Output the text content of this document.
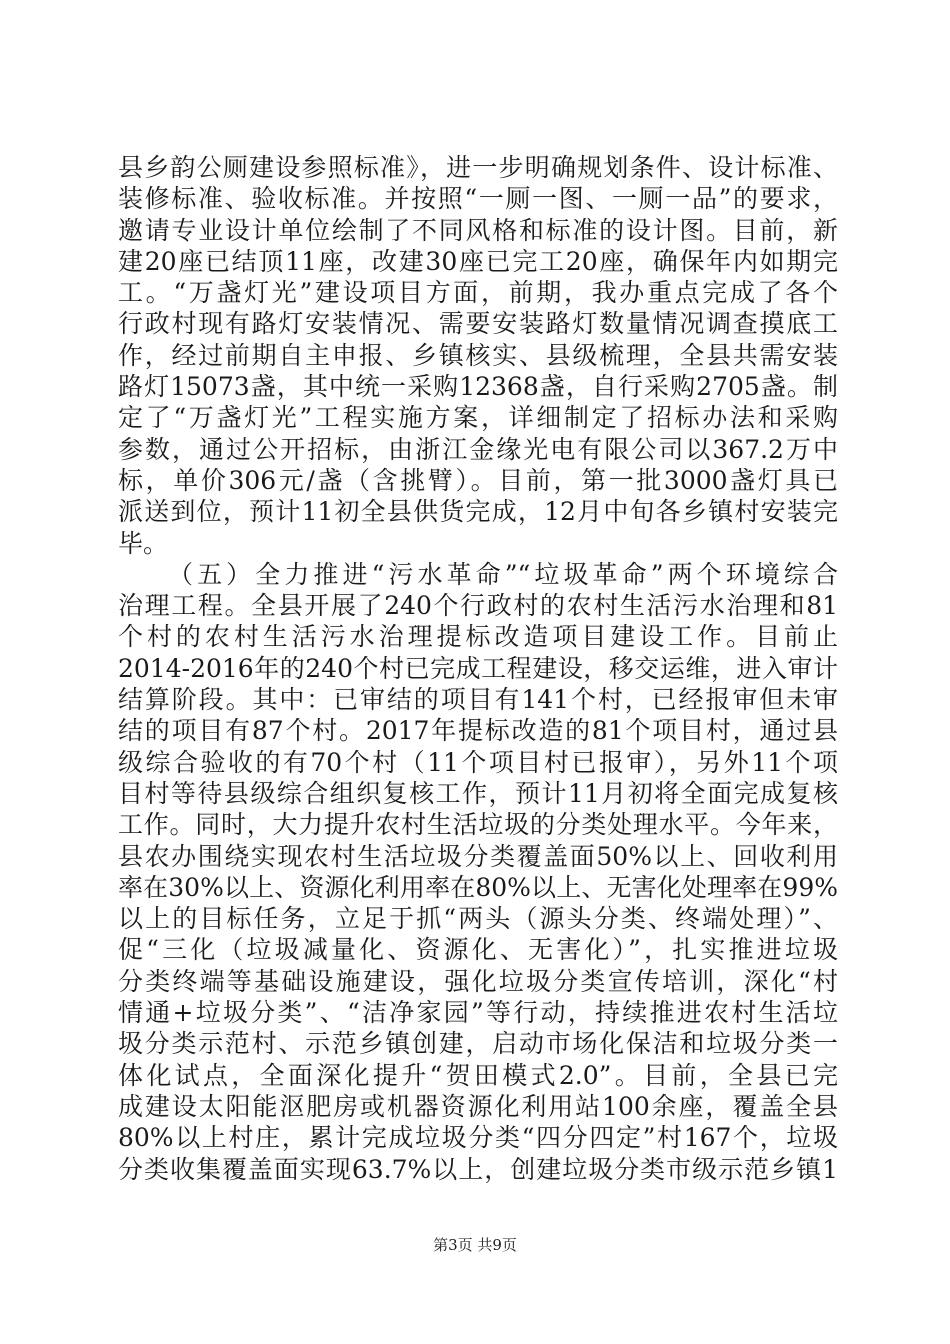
县乡韵公厕建设参照标准》，进一步明确规划条件、设计标准、
装修标准、验收标准。并按照“一厕一图、一厕一品”的要求，
邀请专业设计单位绘制了不同风格和标准的设计图。目前，新
建20座已结顶11座，改建30座已完工20座，确保年内如期完
工。“万盏灯光”建设项目方面，前期，我办重点完成了各个
行政村现有路灯安装情况、需要安装路灯数量情况调查摸底工
作，经过前期自主申报、乡镇核实、县级梳理，全县共需安装
路灯15073盏，其中统一采购12368盏，自行采购2705盏。制
定了“万盏灯光”工程实施方案，详细制定了招标办法和采购
参数，通过公开招标，由浙江金缘光电有限公司以367.2万中
标，单价306元/盏（含挑臂）。目前，第一批3000盏灯具已
派送到位，预计11初全县供货完成，12月中旬各乡镇村安装完
毕。
（五）全力推进“污水革命”“垃圾革命”两个环境综合
治理工程。全县开展了240个行政村的农村生活污水治理和81
个村的农村生活污水治理提标改造项目建设工作。目前止
2014-2016年的240个村已完成工程建设，移交运维，进入审计
结算阶段。其中：已审结的项目有141个村，已经报审但未审
结的项目有87个村。2017年提标改造的81个项目村，通过县
级综合验收的有70个村（11个项目村已报审），另外11个项
目村等待县级综合组织复核工作，预计11月初将全面完成复核
工作。同时，大力提升农村生活垃圾的分类处理水平。今年来，
县农办围绕实现农村生活垃圾分类覆盖面50%以上、回收利用
率在30%以上、资源化利用率在80%以上、无害化处理率在99%
以上的目标任务，立足于抓“两头（源头分类、终端处理）”、
促“三化（垃圾减量化、资源化、无害化）”，扎实推进垃圾
分类终端等基础设施建设，强化垃圾分类宣传培训，深化“村
情通+垃圾分类”、“洁净家园”等行动，持续推进农村生活垃
圾分类示范村、示范乡镇创建，启动市场化保洁和垃圾分类一
体化试点，全面深化提升“贺田模式2.0”。目前，全县已完
成建设太阳能沤肥房或机器资源化利用站100余座，覆盖全县
80%以上村庄，累计完成垃圾分类“四分四定”村167个，垃圾
分类收集覆盖面实现63.7%以上，创建垃圾分类市级示范乡镇1
第3页 共9页
